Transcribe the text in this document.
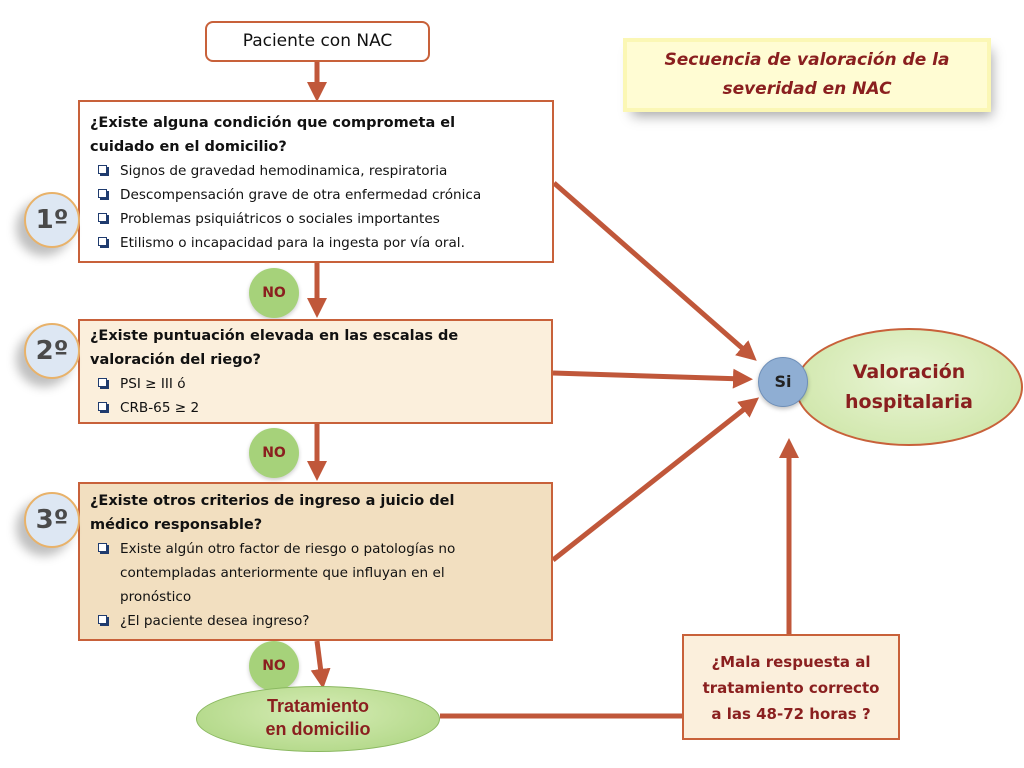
Paciente con NAC
Secuencia de valoración de la
severidad en NAC
¿Existe alguna condición que comprometa el
cuidado en el domicilio?
Signos de gravedad hemodinamica, respiratoria
Descompensación grave de otra enfermedad crónica
Problemas psiquiátricos o sociales importantes
Etilismo o incapacidad para la ingesta por vía oral.
1º
NO
¿Existe puntuación elevada en las escalas de
valoración del riego?
PSI ≥ III ó
CRB-65 ≥ 2
2º
NO
¿Existe otros criterios de ingreso a juicio del
médico responsable?
Existe algún otro factor de riesgo o patologías no
contempladas anteriormente que influyan en el
pronóstico
¿El paciente desea ingreso?
3º
NO
Valoración
hospitalaria
Si
Tratamiento
en domicilio
¿Mala respuesta al
tratamiento correcto
a las 48-72 horas ?
